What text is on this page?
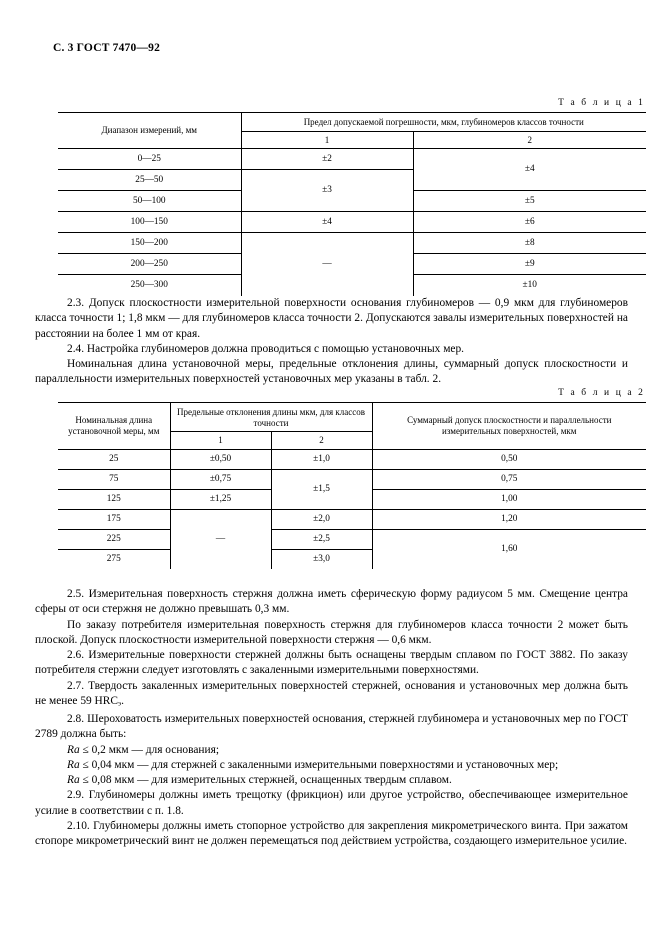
С. 3 ГОСТ 7470—92
Т а б л и ц а 1
Диапазон измерений, мм	Предел допускаемой погрешности, мкм, глубиномеров классов точности	
	1	2
0—25	±2	±4
25—50	±3	
50—100		±5
100—150	±4	±6
150—200	—	±8
200—250		±9
250—300		±10

2.3. Допуск плоскостности измерительной поверхности основания глубиномеров — 0,9 мкм для глубиномеров класса точности 1; 1,8 мкм — для глубиномеров класса точности 2. Допускаются завалы измерительных поверхностей на расстоянии на более 1 мм от края.

2.4. Настройка глубиномеров должна проводиться с помощью установочных мер.

Номинальная длина установочной меры, предельные отклонения длины, суммарный допуск плоскостности и параллельности измерительных поверхностей установочных мер указаны в табл. 2.

Т а б л и ц а 2
Номинальная длина установочной меры, мм	Предельные отклонения длины мкм, для классов точности		Суммарный допуск плоскостности и параллельности измерительных поверхностей, мкм
	1	2	
25	±0,50	±1,0	0,50
75	±0,75	±1,5	0,75
125	±1,25		1,00
175	—	±2,0	1,20
225		±2,5	1,60
275		±3,0	

2.5. Измерительная поверхность стержня должна иметь сферическую форму радиусом 5 мм. Смещение центра сферы от оси стержня не должно превышать 0,3 мм.

По заказу потребителя измерительная поверхность стержня для глубиномеров класса точности 2 может быть плоской. Допуск плоскостности измерительной поверхности стержня — 0,6 мкм.

2.6. Измерительные поверхности стержней должны быть оснащены твердым сплавом по ГОСТ 3882. По заказу потребителя стержни следует изготовлять с закаленными измерительными поверхностями.

2.7. Твердость закаленных измерительных поверхностей стержней, основания и установочных мер должна быть не менее 59 $HRC_э$.

2.8. Шероховатость измерительных поверхностей основания, стержней глубиномера и установочных мер по ГОСТ 2789 должна быть:

Ra ≤ 0,2 мкм — для основания;

Ra ≤ 0,04 мкм — для стержней с закаленными измерительными поверхностями и установочных мер;

Ra ≤ 0,08 мкм — для измерительных стержней, оснащенных твердым сплавом.

2.9. Глубиномеры должны иметь трещотку (фрикцион) или другое устройство, обеспечивающее измерительное усилие в соответствии с п. 1.8.

2.10. Глубиномеры должны иметь стопорное устройство для закрепления микрометрического винта. При зажатом стопоре микрометрический винт не должен перемещаться под действием устройства, создающего измерительное усилие.
